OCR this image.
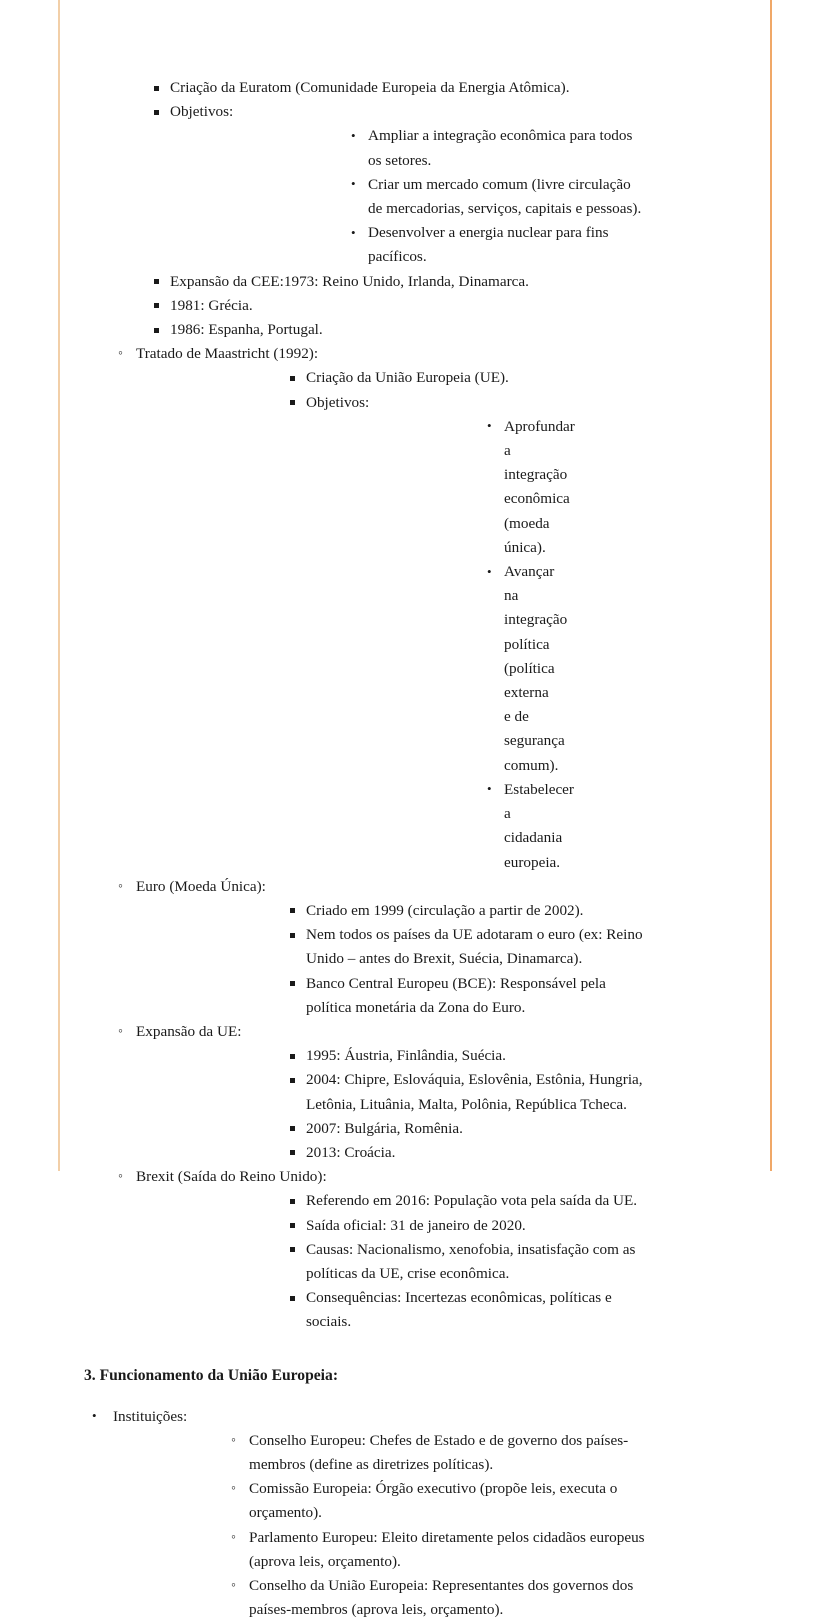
Criação da Euratom (Comunidade Europeia da Energia Atômica).
Objetivos:
• Ampliar a integração econômica para todos os setores.
• Criar um mercado comum (livre circulação de mercadorias, serviços, capitais e pessoas).
• Desenvolver a energia nuclear para fins pacíficos.
Expansão da CEE:1973: Reino Unido, Irlanda, Dinamarca.
1981: Grécia.
1986: Espanha, Portugal.
◦ Tratado de Maastricht (1992):
Criação da União Europeia (UE).
Objetivos:
• Aprofundar a integração econômica (moeda única).
• Avançar na integração política (política externa e de segurança comum).
• Estabelecer a cidadania europeia.
◦ Euro (Moeda Única):
Criado em 1999 (circulação a partir de 2002).
Nem todos os países da UE adotaram o euro (ex: Reino Unido – antes do Brexit, Suécia, Dinamarca).
Banco Central Europeu (BCE): Responsável pela política monetária da Zona do Euro.
◦ Expansão da UE:
1995: Áustria, Finlândia, Suécia.
2004: Chipre, Eslováquia, Eslovênia, Estônia, Hungria, Letônia, Lituânia, Malta, Polônia, República Tcheca.
2007: Bulgária, Romênia.
2013: Croácia.
◦ Brexit (Saída do Reino Unido):
Referendo em 2016: População vota pela saída da UE.
Saída oficial: 31 de janeiro de 2020.
Causas: Nacionalismo, xenofobia, insatisfação com as políticas da UE, crise econômica.
Consequências: Incertezas econômicas, políticas e sociais.
3. Funcionamento da União Europeia:
• Instituições:
◦ Conselho Europeu: Chefes de Estado e de governo dos países-membros (define as diretrizes políticas).
◦ Comissão Europeia: Órgão executivo (propõe leis, executa o orçamento).
◦ Parlamento Europeu: Eleito diretamente pelos cidadãos europeus (aprova leis, orçamento).
◦ Conselho da União Europeia: Representantes dos governos dos países-membros (aprova leis, orçamento).
